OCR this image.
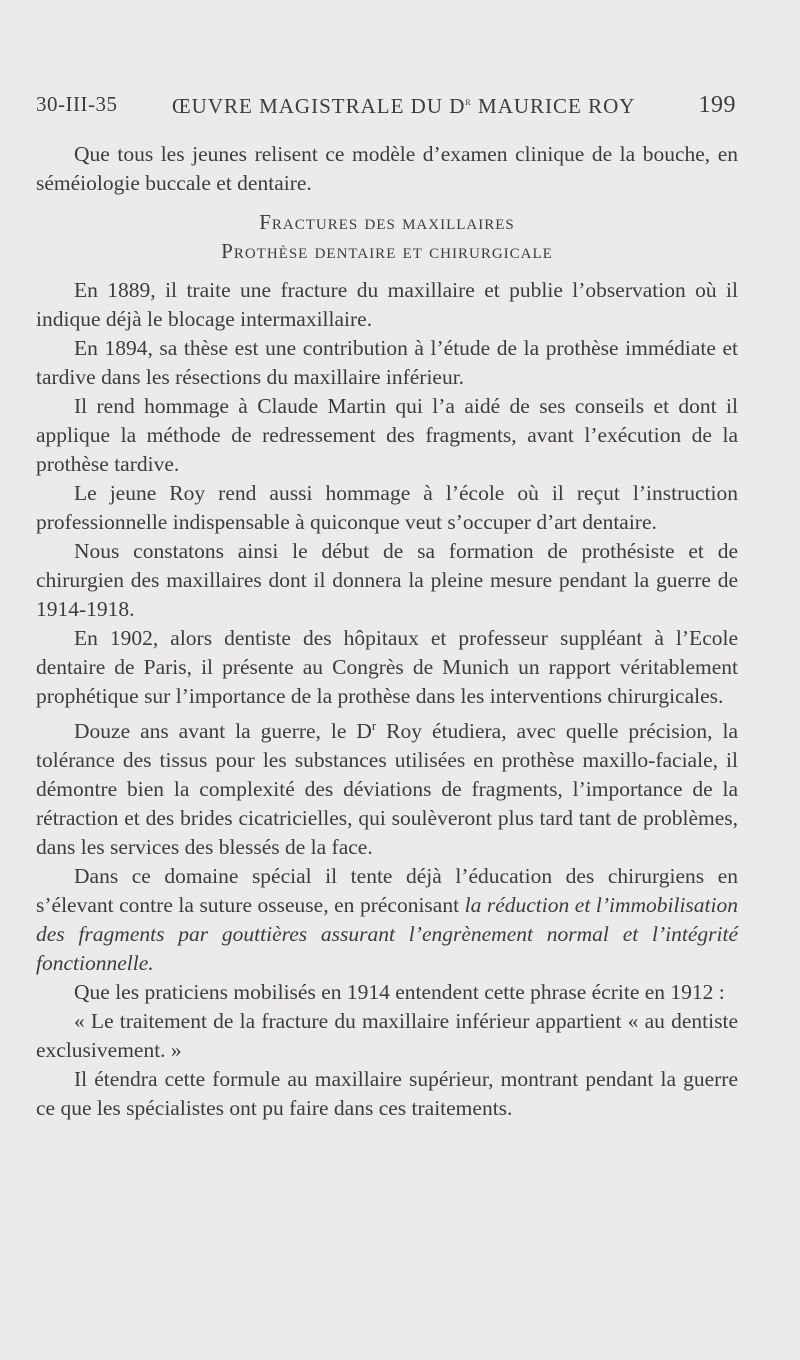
30-III-35	ŒUVRE MAGISTRALE DU $D^r$ MAURICE ROY	199

Que tous les jeunes relisent ce modèle d’examen clinique de la bouche, en séméiologie buccale et dentaire.

Fractures des maxillaires
Prothèse dentaire et chirurgicale

En 1889, il traite une fracture du maxillaire et publie l’observation où il indique déjà le blocage intermaxillaire.

En 1894, sa thèse est une contribution à l’étude de la prothèse immédiate et tardive dans les résections du maxillaire inférieur.

Il rend hommage à Claude Martin qui l’a aidé de ses conseils et dont il applique la méthode de redressement des fragments, avant l’exécution de la prothèse tardive.

Le jeune Roy rend aussi hommage à l’école où il reçut l’instruction professionnelle indispensable à quiconque veut s’occuper d’art dentaire.

Nous constatons ainsi le début de sa formation de prothésiste et de chirurgien des maxillaires dont il donnera la pleine mesure pendant la guerre de 1914-1918.

En 1902, alors dentiste des hôpitaux et professeur suppléant à l’Ecole dentaire de Paris, il présente au Congrès de Munich un rapport véritablement prophétique sur l’importance de la prothèse dans les interventions chirurgicales.

Douze ans avant la guerre, le $D^r$ Roy étudiera, avec quelle précision, la tolérance des tissus pour les substances utilisées en prothèse maxillo-faciale, il démontre bien la complexité des déviations de fragments, l’importance de la rétraction et des brides cicatricielles, qui soulèveront plus tard tant de problèmes, dans les services des blessés de la face.

Dans ce domaine spécial il tente déjà l’éducation des chirurgiens en s’élevant contre la suture osseuse, en préconisant la réduction et l’immobilisation des fragments par gouttières assurant l’engrènement normal et l’intégrité fonctionnelle.

Que les praticiens mobilisés en 1914 entendent cette phrase écrite en 1912 :

« Le traitement de la fracture du maxillaire inférieur appartient « au dentiste exclusivement. »

Il étendra cette formule au maxillaire supérieur, montrant pendant la guerre ce que les spécialistes ont pu faire dans ces traitements.
